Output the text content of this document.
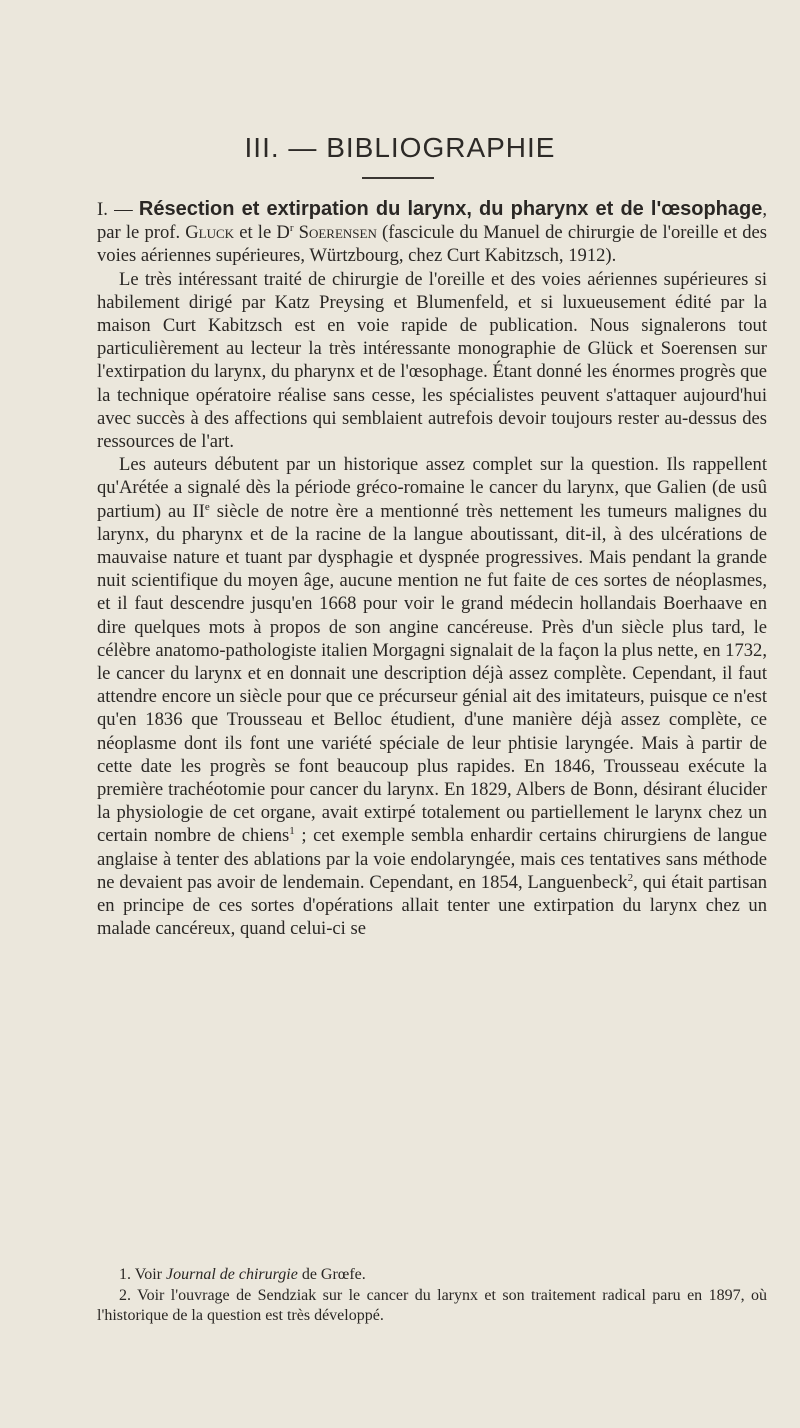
III. — BIBLIOGRAPHIE

I. — Résection et extirpation du larynx, du pharynx et de l'œsophage, par le prof. Gluck et le $D^r$ Soerensen (fascicule du Manuel de chirurgie de l'oreille et des voies aériennes supérieures, Würtzbourg, chez Curt Kabitzsch, 1912).

Le très intéressant traité de chirurgie de l'oreille et des voies aériennes supérieures si habilement dirigé par Katz Preysing et Blumenfeld, et si luxueusement édité par la maison Curt Kabitzsch est en voie rapide de publication. Nous signalerons tout particulièrement au lecteur la très intéressante monographie de Glück et Soerensen sur l'extirpation du larynx, du pharynx et de l'œsophage. Étant donné les énormes progrès que la technique opératoire réalise sans cesse, les spécialistes peuvent s'attaquer aujourd'hui avec succès à des affections qui semblaient autrefois devoir toujours rester au-dessus des ressources de l'art.

Les auteurs débutent par un historique assez complet sur la question. Ils rappellent qu'Arétée a signalé dès la période gréco-romaine le cancer du larynx, que Galien (de usû partium) au IIe siècle de notre ère a mentionné très nettement les tumeurs malignes du larynx, du pharynx et de la racine de la langue aboutissant, dit-il, à des ulcérations de mauvaise nature et tuant par dysphagie et dyspnée progressives. Mais pendant la grande nuit scientifique du moyen âge, aucune mention ne fut faite de ces sortes de néoplasmes, et il faut descendre jusqu'en 1668 pour voir le grand médecin hollandais Boerhaave en dire quelques mots à propos de son angine cancéreuse. Près d'un siècle plus tard, le célèbre anatomo-pathologiste italien Morgagni signalait de la façon la plus nette, en 1732, le cancer du larynx et en donnait une description déjà assez complète. Cependant, il faut attendre encore un siècle pour que ce précurseur génial ait des imitateurs, puisque ce n'est qu'en 1836 que Trousseau et Belloc étudient, d'une manière déjà assez complète, ce néoplasme dont ils font une variété spéciale de leur phtisie laryngée. Mais à partir de cette date les progrès se font beaucoup plus rapides. En 1846, Trousseau exécute la première trachéotomie pour cancer du larynx. En 1829, Albers de Bonn, désirant élucider la physiologie de cet organe, avait extirpé totalement ou partiellement le larynx chez un certain nombre de chiens$^1$ ; cet exemple sembla enhardir certains chirurgiens de langue anglaise à tenter des ablations par la voie endolaryngée, mais ces tentatives sans méthode ne devaient pas avoir de lendemain. Cependant, en 1854, Languenbeck$^2$, qui était partisan en principe de ces sortes d'opérations allait tenter une extirpation du larynx chez un malade cancéreux, quand celui-ci se

1. Voir Journal de chirurgie de Grœfe.

2. Voir l'ouvrage de Sendziak sur le cancer du larynx et son traitement radical paru en 1897, où l'historique de la question est très développé.
